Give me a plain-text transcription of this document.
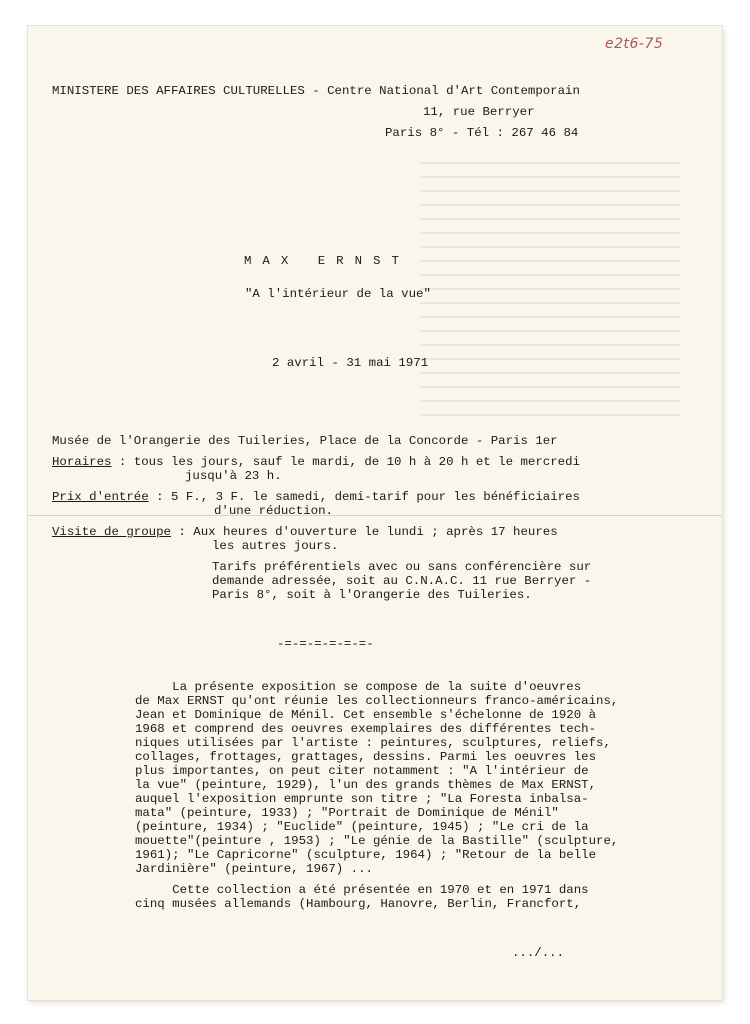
e2t6-75
MINISTERE DES AFFAIRES CULTURELLES - Centre National d'Art Contemporain
11, rue Berryer
Paris 8° - Tél : 267 46 84
MAX ERNST
"A l'intérieur de la vue"
2 avril - 31 mai 1971
Musée de l'Orangerie des Tuileries, Place de la Concorde - Paris 1er
Horaires : tous les jours, sauf le mardi, de 10 h à 20 h et le mercredi
jusqu'à 23 h.
Prix d'entrée : 5 F., 3 F. le samedi, demi-tarif pour les bénéficiaires
d'une réduction.
Visite de groupe : Aux heures d'ouverture le lundi ; après 17 heures
les autres jours.
Tarifs préférentiels avec ou sans conférencière sur
demande adressée, soit au C.N.A.C. 11 rue Berryer -
Paris 8°, soit à l'Orangerie des Tuileries.
-=-=-=-=-=-=-
La présente exposition se compose de la suite d'oeuvres
de Max ERNST qu'ont réunie les collectionneurs franco-américains,
Jean et Dominique de Ménil. Cet ensemble s'échelonne de 1920 à
1968 et comprend des oeuvres exemplaires des différentes tech-
niques utilisées par l'artiste : peintures, sculptures, reliefs,
collages, frottages, grattages, dessins. Parmi les oeuvres les
plus importantes, on peut citer notamment : "A l'intérieur de
la vue" (peinture, 1929), l'un des grands thèmes de Max ERNST,
auquel l'exposition emprunte son titre ; "La Foresta inbalsa-
mata" (peinture, 1933) ; "Portrait de Dominique de Ménil"
(peinture, 1934) ; "Euclide" (peinture, 1945) ; "Le cri de la
mouette"(peinture , 1953) ; "Le génie de la Bastille" (sculpture,
1961); "Le Capricorne" (sculpture, 1964) ; "Retour de la belle
Jardinière" (peinture, 1967) ...
Cette collection a été présentée en 1970 et en 1971 dans
cinq musées allemands (Hambourg, Hanovre, Berlin, Francfort,
.../...
